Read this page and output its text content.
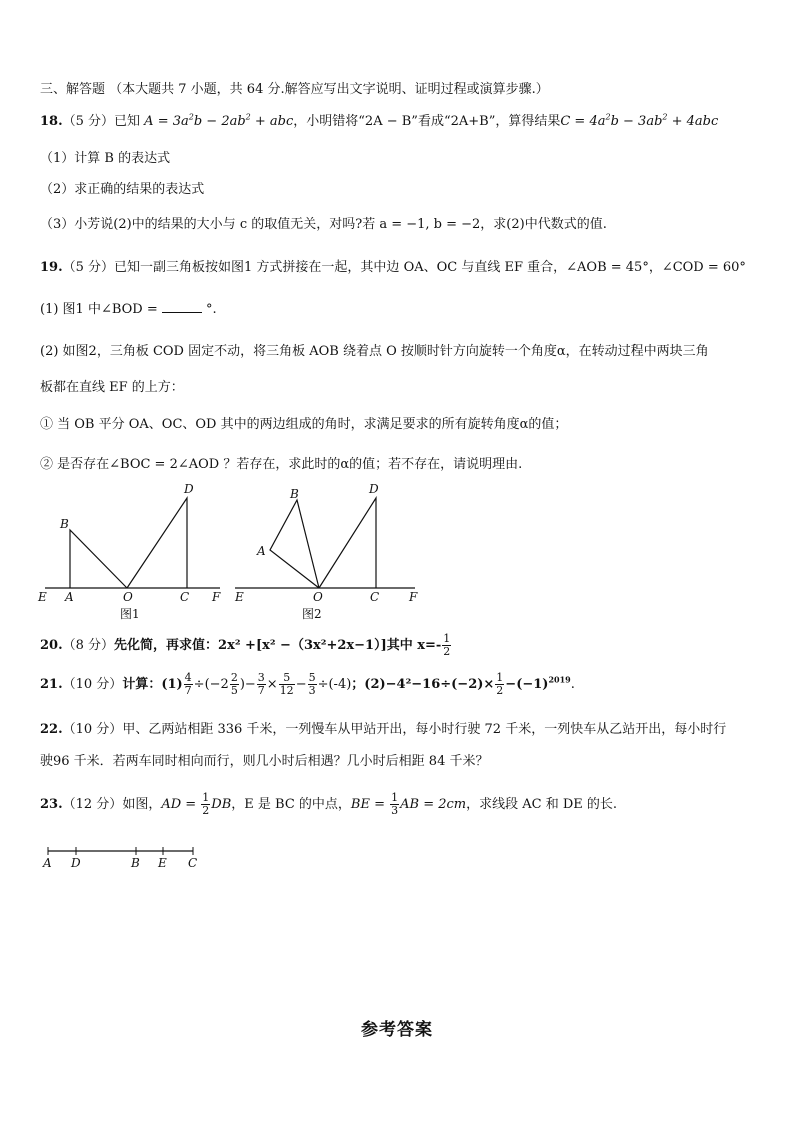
三、解答题 （本大题共 7 小题，共 64 分.解答应写出文字说明、证明过程或演算步骤.）
18.（5 分）已知 $A = 3a^2b - 2ab^2$ + abc，小明错将“2A − B”看成“2A+B”，算得结果$C = 4a^2b - 3ab^2 + 4abc$
（1）计算 B 的表达式
（2）求正确的结果的表达式
（3）小芳说(2)中的结果的大小与 c 的取值无关，对吗?若 a = −1, b = −2，求(2)中代数式的值.
19.（5 分）已知一副三角板按如图1 方式拼接在一起，其中边 OA、OC 与直线 EF 重合，∠AOB = 45°，∠COD = 60°
(1) 图1 中∠BOD =	°.
(2) 如图2，三角板 COD 固定不动，将三角板 AOB 绕着点 O 按顺时针方向旋转一个角度α，在转动过程中两块三角
板都在直线 EF 的上方：
① 当 OB 平分 OA、OC、OD 其中的两边组成的角时，求满足要求的所有旋转角度α的值；
② 是否存在∠BOC = 2∠AOD ？若存在，求此时的α的值；若不存在，请说明理由.
E A
B
O	C
D
F
图1
E
A
B
O	C
D
F
图2
20.（8 分）先化简，再求值：2x² +[x² −（3x²+2x−1）]其中 $x=- \frac{1}{2}$
21.（10 分）计算：$(1) \frac{4}{7} \div(-2 \frac{2}{5}$ )− $\frac{3}{7} \times \frac{5}{12} - \frac{5}{3} \div(-4)$；$(2)-4^2-16\div(-2)\times \frac{1}{2} -(-1)^{2019}$.
22.（10 分）甲、乙两站相距 336 千米，一列慢车从甲站开出，每小时行驶 72 千米，一列快车从乙站开出，每小时行
驶96 千米．若两车同时相向而行，则几小时后相遇？几小时后相距 84 千米？
23.（12 分）如图，AD = $\frac{1}{2}$ DB，E 是 BC 的中点，BE = $\frac{1}{3}$ AB = 2cm，求线段 AC 和 DE 的长.
A D	B E C
参考答案
